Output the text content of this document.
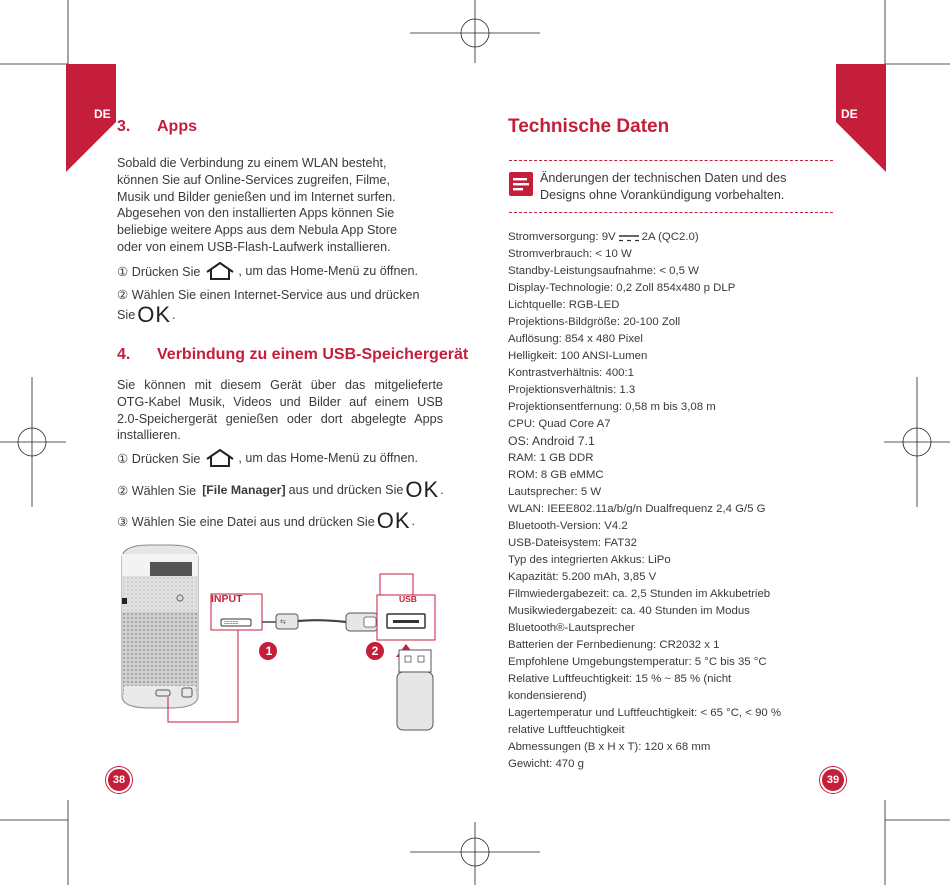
DE	DE
3. Apps
Sobald die Verbindung zu einem WLAN besteht,
können Sie auf Online-Services zugreifen, Filme,
Musik und Bilder genießen und im Internet surfen.
Abgesehen von den installierten Apps können Sie
beliebige weitere Apps aus dem Nebula App Store
oder von einem USB-Flash-Laufwerk installieren.
① Drücken Sie	, um das Home-Menü zu öffnen.
② Wählen Sie einen Internet-Service aus und drücken
Sie OK .
4. Verbindung zu einem USB-Speichergerät
Sie können mit diesem Gerät über das mitgelieferte
OTG-Kabel Musik, Videos und Bilder auf einem USB
2.0-Speichergerät genießen oder dort abgelegte Apps
installieren.
① Drücken Sie	, um das Home-Menü zu öffnen.
② Wählen Sie [File Manager] aus und drücken Sie OK .
③ Wählen Sie eine Datei aus und drücken Sie OK .
=====	⇆
INPUT	USB
1	2
38
Technische Daten
Änderungen der technischen Daten und des
Designs ohne Vorankündigung vorbehalten.
Stromversorgung: 9V 2A (QC2.0)
Stromverbrauch: < 10 W
Standby-Leistungsaufnahme: < 0,5 W
Display-Technologie: 0,2 Zoll 854x480 p DLP
Lichtquelle: RGB-LED
Projektions-Bildgröße: 20-100 Zoll
Auflösung: 854 x 480 Pixel
Helligkeit: 100 ANSI-Lumen
Kontrastverhältnis: 400:1
Projektionsverhältnis: 1.3
Projektionsentfernung: 0,58 m bis 3,08 m
CPU: Quad Core A7
OS: Android 7.1
RAM: 1 GB DDR
ROM: 8 GB eMMC
Lautsprecher: 5 W
WLAN: IEEE802.11a/b/g/n Dualfrequenz 2,4 G/5 G
Bluetooth-Version: V4.2
USB-Dateisystem: FAT32
Typ des integrierten Akkus: LiPo
Kapazität: 5.200 mAh, 3,85 V
Filmwiedergabezeit: ca. 2,5 Stunden im Akkubetrieb
Musikwiedergabezeit: ca. 40 Stunden im Modus
Bluetooth®-Lautsprecher
Batterien der Fernbedienung: CR2032 x 1
Empfohlene Umgebungstemperatur: 5 °C bis 35 °C
Relative Luftfeuchtigkeit: 15 % ~ 85 % (nicht
kondensierend)
Lagertemperatur und Luftfeuchtigkeit: < 65 °C, < 90 %
relative Luftfeuchtigkeit
Abmessungen (B x H x T): 120 x 68 mm
Gewicht: 470 g
39
